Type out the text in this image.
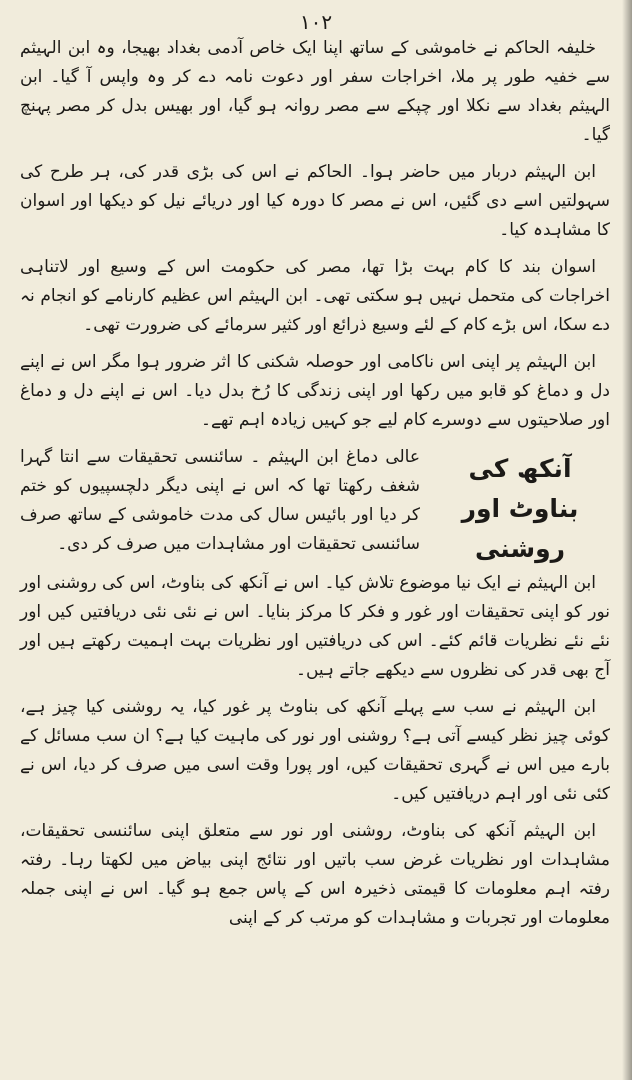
١٠٢

خلیفہ الحاکم نے خاموشی کے ساتھ اپنا ایک خاص آدمی بغداد بھیجا، وہ ابن الہیثم سے خفیہ طور پر ملا، اخراجات سفر اور دعوت نامہ دے کر وہ واپس آ گیا۔ ابن الہیثم بغداد سے نکلا اور چپکے سے مصر روانہ ہو گیا، اور بھیس بدل کر مصر پہنچ گیا۔

ابن الہیثم دربار میں حاضر ہوا۔ الحاکم نے اس کی بڑی قدر کی، ہر طرح کی سہولتیں اسے دی گئیں، اس نے مصر کا دورہ کیا اور دریائے نیل کو دیکھا اور اسوان کا مشاہدہ کیا۔

اسوان بند کا کام بہت بڑا تھا، مصر کی حکومت اس کے وسیع اور لاتناہی اخراجات کی متحمل نہیں ہو سکتی تھی۔ ابن الہیثم اس عظیم کارنامے کو انجام نہ دے سکا، اس بڑے کام کے لئے وسیع ذرائع اور کثیر سرمائے کی ضرورت تھی۔

ابن الہیثم پر اپنی اس ناکامی اور حوصلہ شکنی کا اثر ضرور ہوا مگر اس نے اپنے دل و دماغ کو قابو میں رکھا اور اپنی زندگی کا رُخ بدل دیا۔ اس نے اپنے دل و دماغ اور صلاحیتوں سے دوسرے کام لیے جو کہیں زیادہ اہم تھے۔

آنکھ کی بناوٹ اور روشنی

عالی دماغ ابن الہیثم ۔ سائنسی تحقیقات سے انتا گہرا شغف رکھتا تھا کہ اس نے اپنی دیگر دلچسپیوں کو ختم کر دیا اور بائیس سال کی مدت خاموشی کے ساتھ صرف سائنسی تحقیقات اور مشاہدات میں صرف کر دی۔

ابن الہیثم نے ایک نیا موضوع تلاش کیا۔ اس نے آنکھ کی بناوٹ، اس کی روشنی اور نور کو اپنی تحقیقات اور غور و فکر کا مرکز بنایا۔ اس نے نئی نئی دریافتیں کیں اور نئے نئے نظریات قائم کئے۔ اس کی دریافتیں اور نظریات بہت اہمیت رکھتے ہیں اور آج بھی قدر کی نظروں سے دیکھے جاتے ہیں۔

ابن الہیثم نے سب سے پہلے آنکھ کی بناوٹ پر غور کیا، یہ روشنی کیا چیز ہے، کوئی چیز نظر کیسے آتی ہے؟ روشنی اور نور کی ماہیت کیا ہے؟ ان سب مسائل کے بارے میں اس نے گہری تحقیقات کیں، اور پورا وقت اسی میں صرف کر دیا، اس نے کئی نئی اور اہم دریافتیں کیں۔

ابن الہیثم آنکھ کی بناوٹ، روشنی اور نور سے متعلق اپنی سائنسی تحقیقات، مشاہدات اور نظریات غرض سب باتیں اور نتائج اپنی بیاض میں لکھتا رہا۔ رفتہ رفتہ اہم معلومات کا قیمتی ذخیرہ اس کے پاس جمع ہو گیا۔ اس نے اپنی جملہ معلومات اور تجربات و مشاہدات کو مرتب کر کے اپنی
